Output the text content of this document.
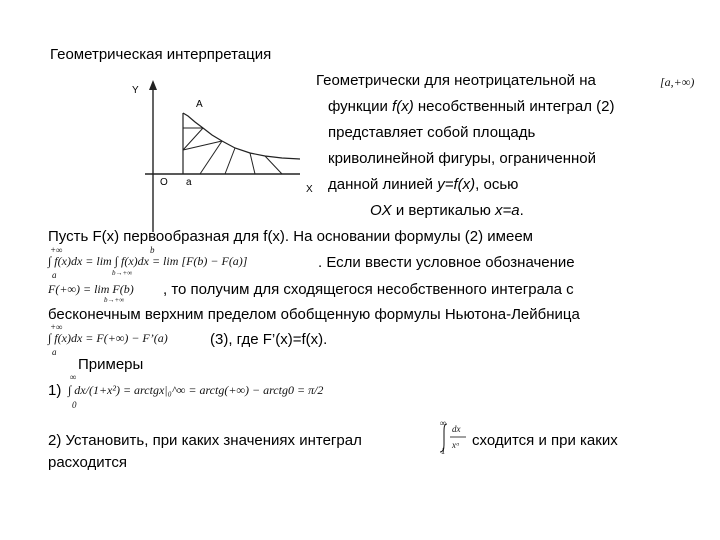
Геометрическая интерпретация
Y
A
O a
X
Геометрически для неотрицательной на	[a,+∞)
функции f(x) несобственный интеграл (2)
представляет собой площадь
криволинейной фигуры, ограниченной
данной линией y=f(x), осью
OX и вертикалью x=a.
Пусть F(x) первообразная для f(x). На основании формулы (2) имеем
+∞	b
∫ f(x)dx = lim ∫ f(x)dx = lim [F(b) − F(a)]
b→+∞
a
. Если ввести условное обозначение
F(+∞) = lim F(b)
b→+∞
, то получим для сходящегося несобственного интеграла с
бесконечным верхним пределом обобщенную формулы Ньютона-Лейбница
+∞
∫ f(x)dx = F(+∞) − F’(a)
a
(3), где F’(x)=f(x).
Примеры
1)
∞
∫ dx/(1+x²) = arctgx|₀^∞ = arctg(+∞) − arctg0 = π/2
0
2) Установить, при каких значениях интеграл
∞
dx
xᵅ
1
сходится и при каких
расходится
